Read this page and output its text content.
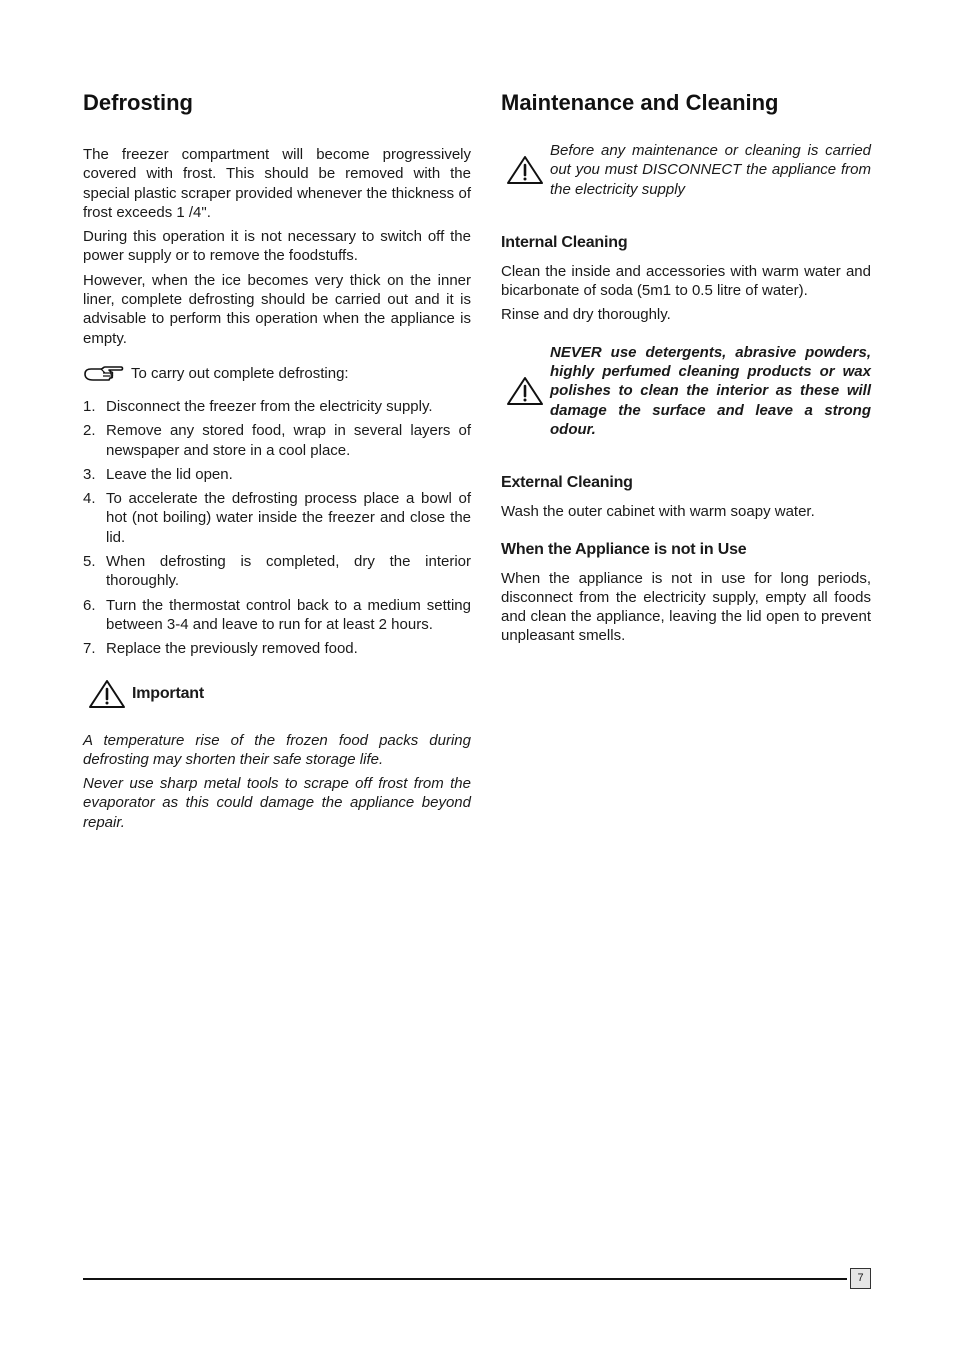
Defrosting

The freezer compartment will become progressively covered with frost. This should be removed with the special plastic scraper provided whenever the thickness of frost exceeds 1 /4".

During this operation it is not necessary to switch off the power supply or to remove the foodstuffs.

However, when the ice becomes very thick on the inner liner, complete defrosting should be carried out and it is advisable to perform this operation when the appliance is empty.

To carry out complete defrosting:
1. Disconnect the freezer from the electricity supply.
2. Remove any stored food, wrap in several layers of newspaper and store in a cool place.
3. Leave the lid open.
4. To accelerate the defrosting process place a bowl of hot (not boiling) water inside the freezer and close the lid.
5. When defrosting is completed, dry the interior thoroughly.
6. Turn the thermostat control back to a medium setting between 3-4 and leave to run for at least 2 hours.
7. Replace the previously removed food.
Important

A temperature rise of the frozen food packs during defrosting may shorten their safe storage life.

Never use sharp metal tools to scrape off frost from the evaporator as this could damage the appliance beyond repair.

Maintenance and Cleaning
Before any maintenance or cleaning is carried out you must DISCONNECT the appliance from the electricity supply
Internal Cleaning

Clean the inside and accessories with warm water and bicarbonate of soda (5m1 to 0.5 litre of water).

Rinse and dry thoroughly.

NEVER use detergents, abrasive powders, highly perfumed cleaning products or wax polishes to clean the interior as these will damage the surface and leave a strong odour.
External Cleaning

Wash the outer cabinet with warm soapy water.

When the Appliance is not in Use

When the appliance is not in use for long periods, disconnect from the electricity supply, empty all foods and clean the appliance, leaving the lid open to prevent unpleasant smells.

7
